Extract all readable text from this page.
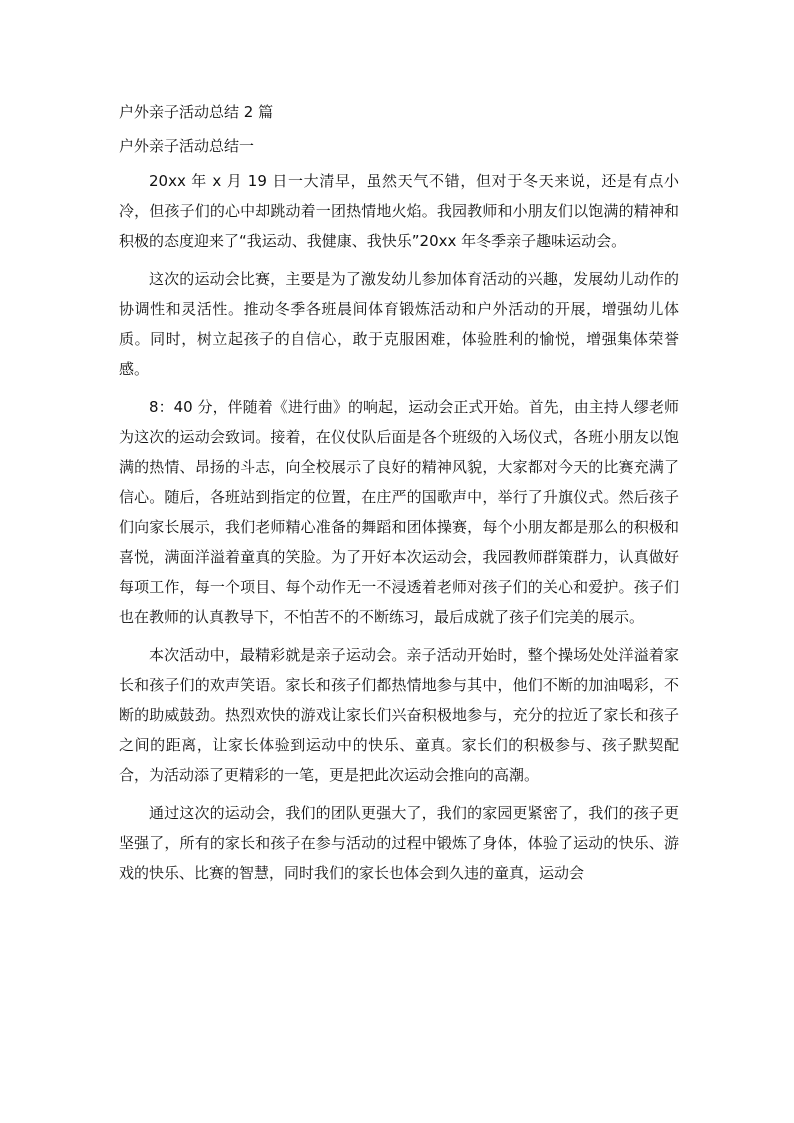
户外亲子活动总结 2 篇
户外亲子活动总结一

20xx 年 x 月 19 日一大清早，虽然天气不错，但对于冬天来说，还是有点小冷，但孩子们的心中却跳动着一团热情地火焰。我园教师和小朋友们以饱满的精神和积极的态度迎来了“我运动、我健康、我快乐”20xx 年冬季亲子趣味运动会。

这次的运动会比赛，主要是为了激发幼儿参加体育活动的兴趣，发展幼儿动作的协调性和灵活性。推动冬季各班晨间体育锻炼活动和户外活动的开展，增强幼儿体质。同时，树立起孩子的自信心，敢于克服困难，体验胜利的愉悦，增强集体荣誉感。

8：40 分，伴随着《进行曲》的响起，运动会正式开始。首先，由主持人缪老师为这次的运动会致词。接着，在仪仗队后面是各个班级的入场仪式，各班小朋友以饱满的热情、昂扬的斗志，向全校展示了良好的精神风貌，大家都对今天的比赛充满了信心。随后，各班站到指定的位置，在庄严的国歌声中，举行了升旗仪式。然后孩子们向家长展示，我们老师精心准备的舞蹈和团体操赛，每个小朋友都是那么的积极和喜悦，满面洋溢着童真的笑脸。为了开好本次运动会，我园教师群策群力，认真做好每项工作，每一个项目、每个动作无一不浸透着老师对孩子们的关心和爱护。孩子们也在教师的认真教导下，不怕苦不的不断练习，最后成就了孩子们完美的展示。

本次活动中，最精彩就是亲子运动会。亲子活动开始时，整个操场处处洋溢着家长和孩子们的欢声笑语。家长和孩子们都热情地参与其中，他们不断的加油喝彩，不断的助威鼓劲。热烈欢快的游戏让家长们兴奋积极地参与，充分的拉近了家长和孩子之间的距离，让家长体验到运动中的快乐、童真。家长们的积极参与、孩子默契配合，为活动添了更精彩的一笔，更是把此次运动会推向的高潮。

通过这次的运动会，我们的团队更强大了，我们的家园更紧密了，我们的孩子更坚强了，所有的家长和孩子在参与活动的过程中锻炼了身体，体验了运动的快乐、游戏的快乐、比赛的智慧，同时我们的家长也体会到久违的童真，运动会
